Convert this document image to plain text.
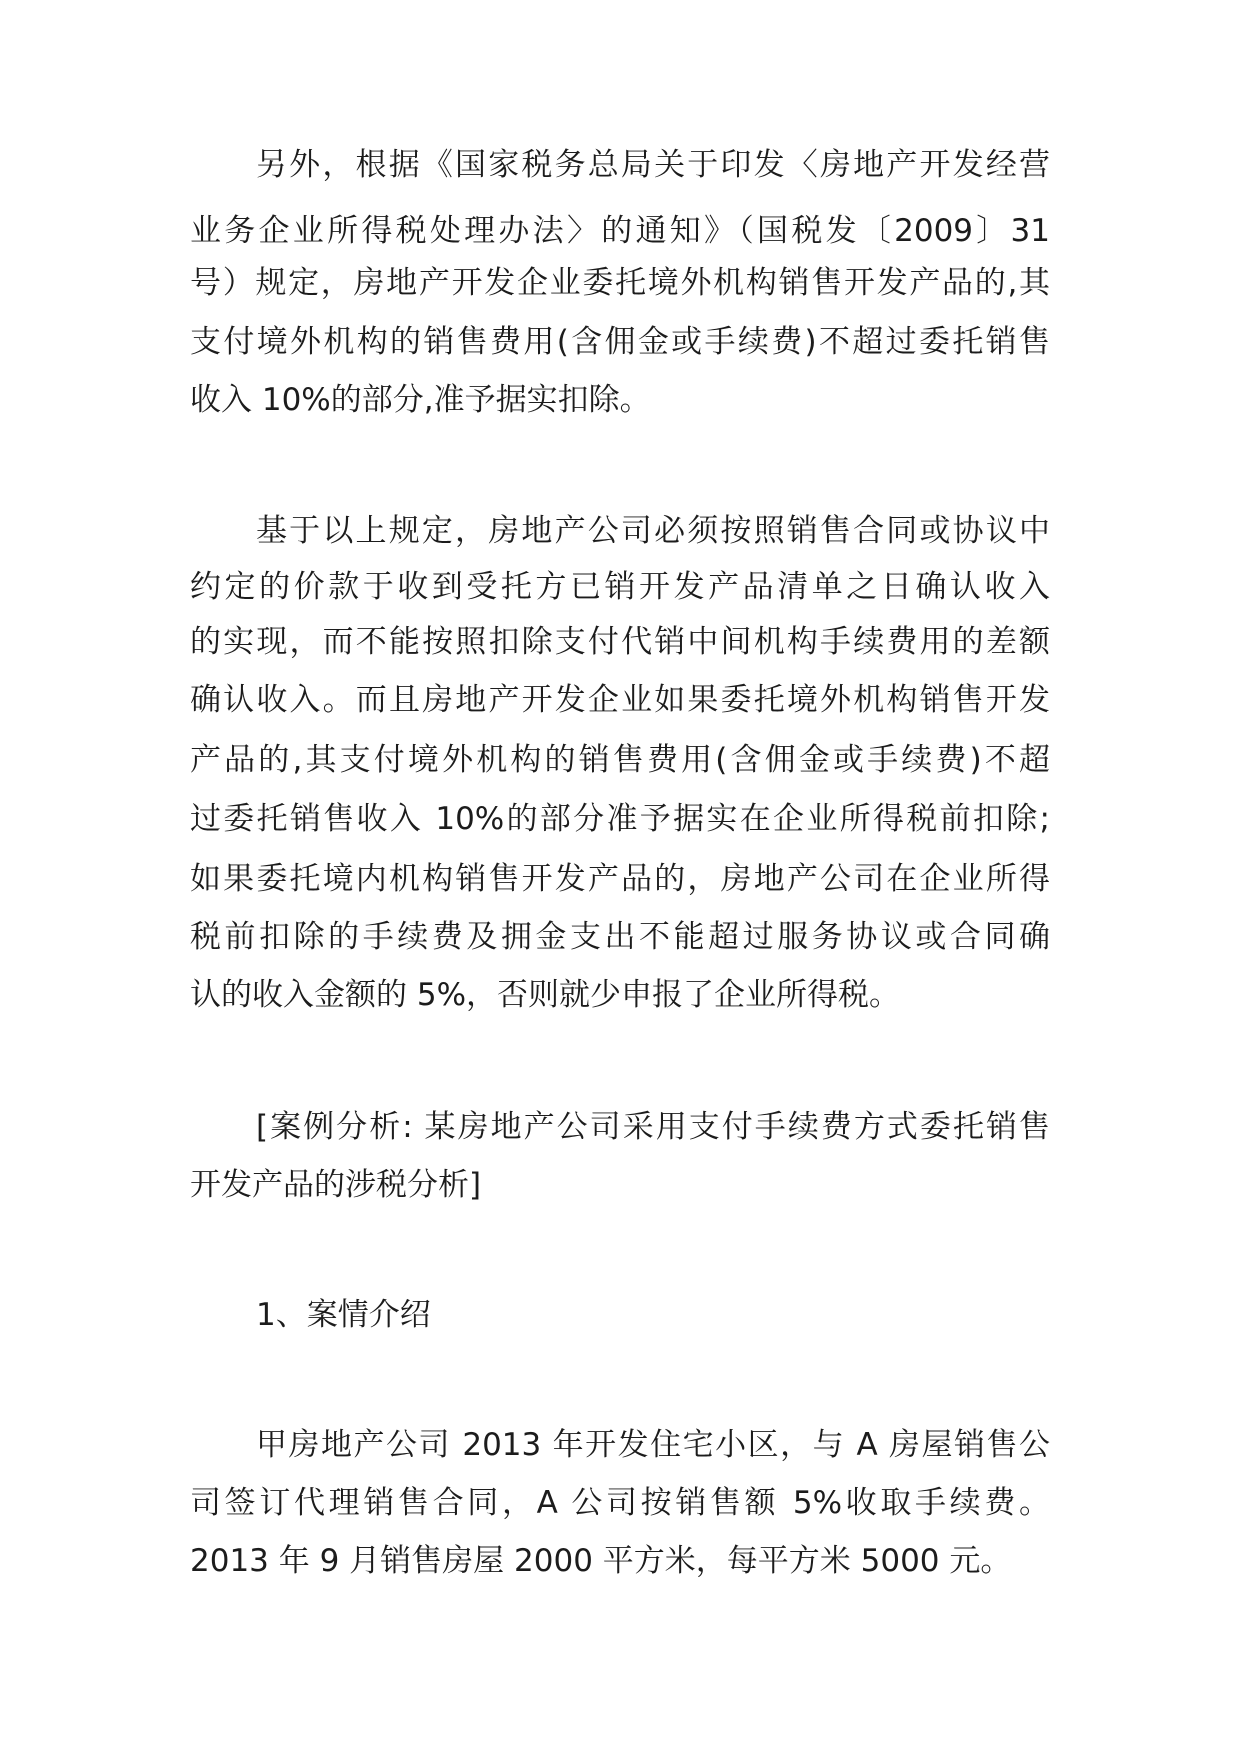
另外，根据《国家税务总局关于印发〈房地产开发经营

业务企业所得税处理办法〉的通知》（国税发〔2009〕31

号）规定，房地产开发企业委托境外机构销售开发产品的,其

支付境外机构的销售费用(含佣金或手续费)不超过委托销售

收入 10%的部分,准予据实扣除。

基于以上规定，房地产公司必须按照销售合同或协议中

约定的价款于收到受托方已销开发产品清单之日确认收入

的实现，而不能按照扣除支付代销中间机构手续费用的差额

确认收入。而且房地产开发企业如果委托境外机构销售开发

产品的,其支付境外机构的销售费用(含佣金或手续费)不超

过委托销售收入 10%的部分准予据实在企业所得税前扣除;

如果委托境内机构销售开发产品的，房地产公司在企业所得

税前扣除的手续费及拥金支出不能超过服务协议或合同确

认的收入金额的 5%，否则就少申报了企业所得税。

[案例分析: 某房地产公司采用支付手续费方式委托销售

开发产品的涉税分析]

1、案情介绍

甲房地产公司 2013 年开发住宅小区，与 A 房屋销售公

司签订代理销售合同，A 公司按销售额 5%收取手续费。

2013 年 9 月销售房屋 2000 平方米，每平方米 5000 元。
